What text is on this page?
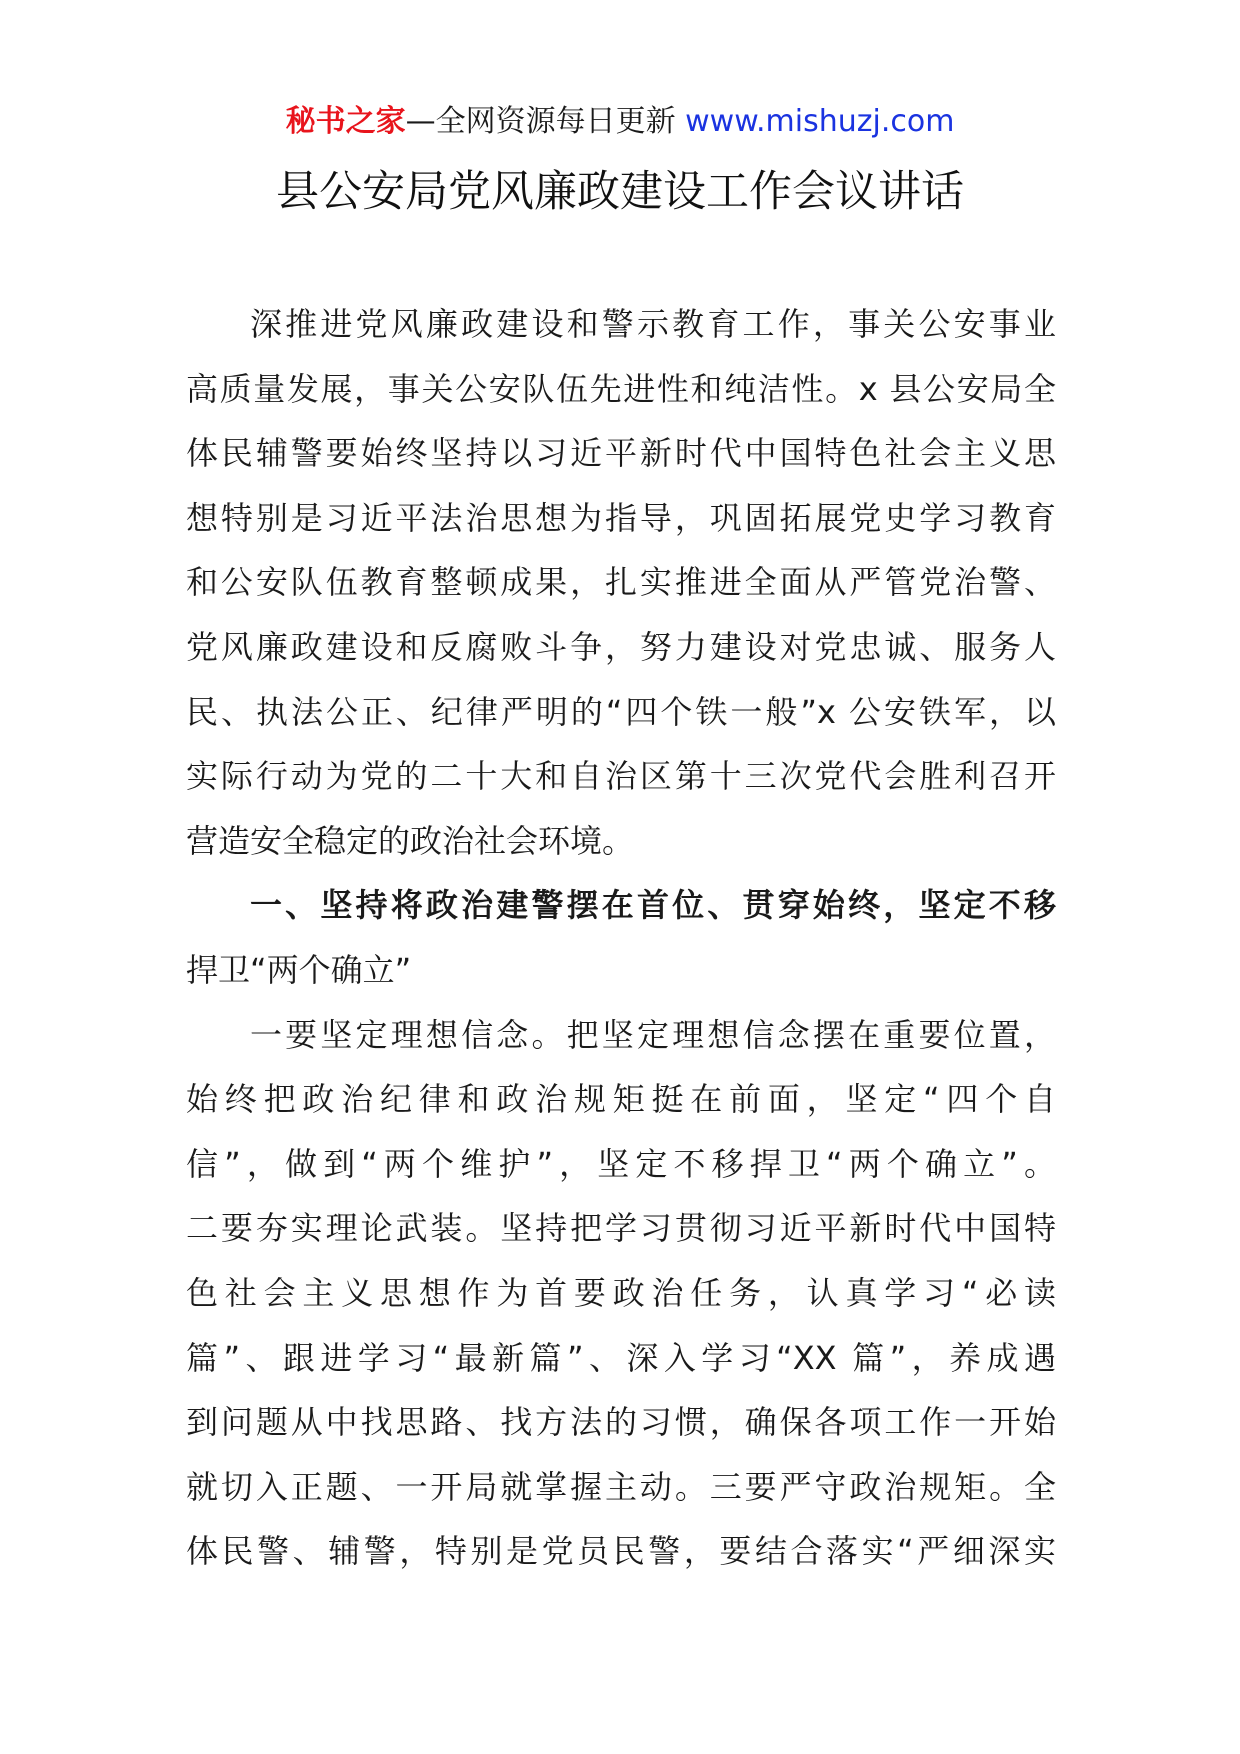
秘书之家—全网资源每日更新 www.mishuzj.com
县公安局党风廉政建设工作会议讲话
深推进党风廉政建设和警示教育工作，事关公安事业
高质量发展，事关公安队伍先进性和纯洁性。x 县公安局全
体民辅警要始终坚持以习近平新时代中国特色社会主义思
想特别是习近平法治思想为指导，巩固拓展党史学习教育
和公安队伍教育整顿成果，扎实推进全面从严管党治警、
党风廉政建设和反腐败斗争，努力建设对党忠诚、服务人
民、执法公正、纪律严明的“四个铁一般”x 公安铁军，以
实际行动为党的二十大和自治区第十三次党代会胜利召开
营造安全稳定的政治社会环境。
一、坚持将政治建警摆在首位、贯穿始终，坚定不移
捍卫“两个确立”
一要坚定理想信念。把坚定理想信念摆在重要位置，
始终把政治纪律和政治规矩挺在前面，坚定“四个自
信”，做到“两个维护”，坚定不移捍卫“两个确立”。
二要夯实理论武装。坚持把学习贯彻习近平新时代中国特
色社会主义思想作为首要政治任务，认真学习“必读
篇”、跟进学习“最新篇”、深入学习“XX 篇”，养成遇
到问题从中找思路、找方法的习惯，确保各项工作一开始
就切入正题、一开局就掌握主动。三要严守政治规矩。全
体民警、辅警，特别是党员民警，要结合落实“严细深实
